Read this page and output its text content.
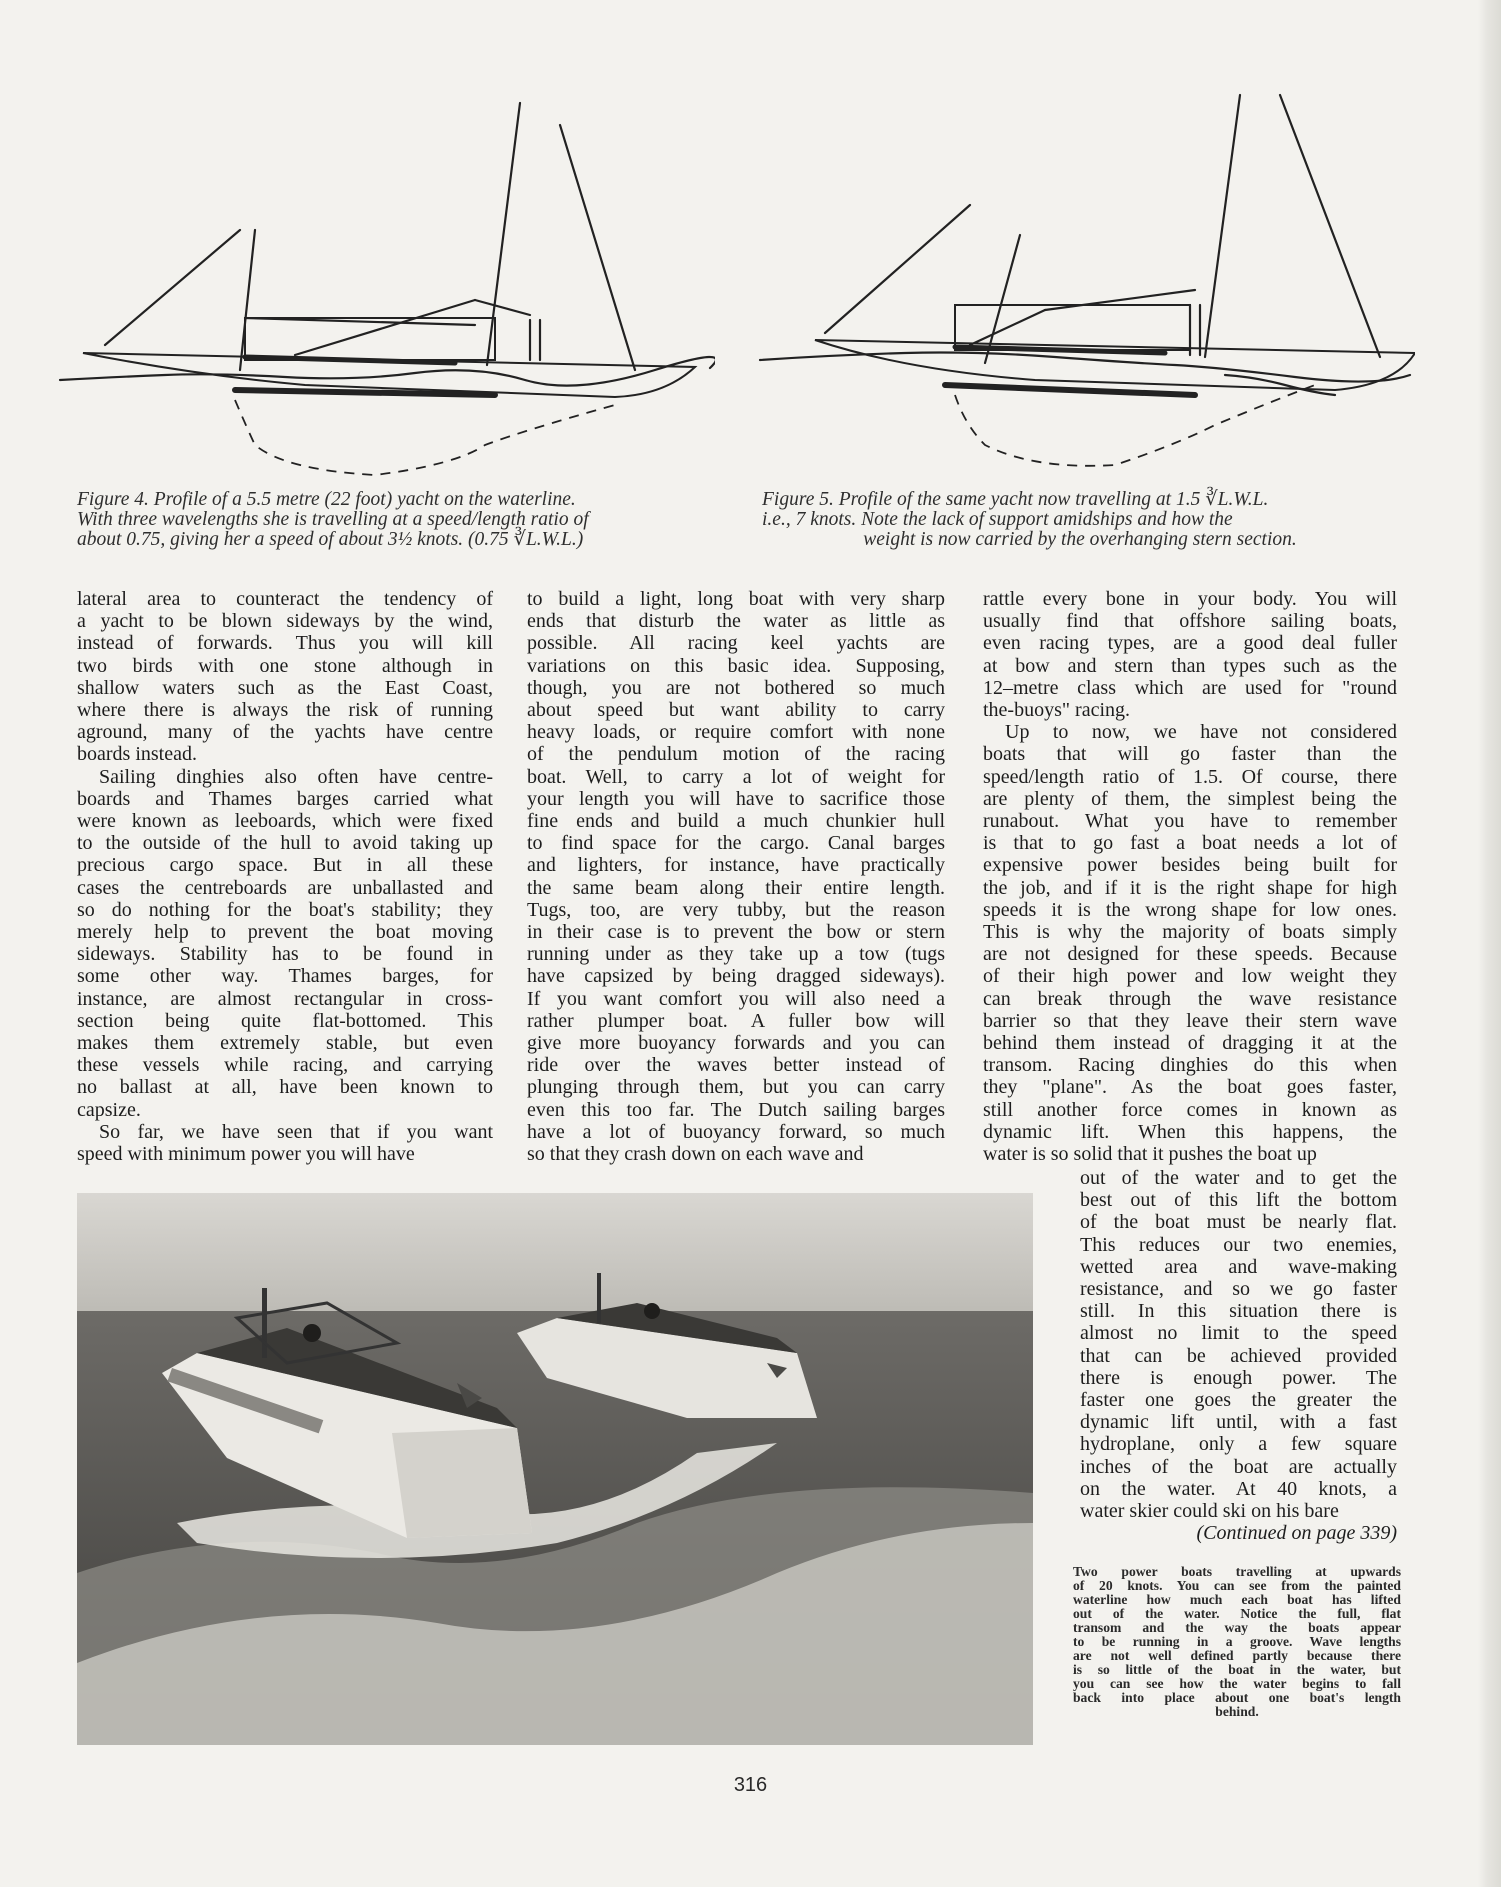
Figure 4. Profile of a 5.5 metre (22 foot) yacht on the waterline.
With three wavelengths she is travelling at a speed/length ratio of
about 0.75, giving her a speed of about 3½ knots. (0.75 ∛L.W.L.)
Figure 5. Profile of the same yacht now travelling at 1.5 ∛L.W.L.
i.e., 7 knots. Note the lack of support amidships and how the
weight is now carried by the overhanging stern section.
lateral area to counteract the tendency of
a yacht to be blown sideways by the wind,
instead of forwards. Thus you will kill
two birds with one stone although in
shallow waters such as the East Coast,
where there is always the risk of running
aground, many of the yachts have centre
boards instead.
Sailing dinghies also often have centre-
boards and Thames barges carried what
were known as leeboards, which were fixed
to the outside of the hull to avoid taking up
precious cargo space. But in all these
cases the centreboards are unballasted and
so do nothing for the boat's stability; they
merely help to prevent the boat moving
sideways. Stability has to be found in
some other way. Thames barges, for
instance, are almost rectangular in cross-
section being quite flat-bottomed. This
makes them extremely stable, but even
these vessels while racing, and carrying
no ballast at all, have been known to
capsize.
So far, we have seen that if you want
speed with minimum power you will have
to build a light, long boat with very sharp
ends that disturb the water as little as
possible. All racing keel yachts are
variations on this basic idea. Supposing,
though, you are not bothered so much
about speed but want ability to carry
heavy loads, or require comfort with none
of the pendulum motion of the racing
boat. Well, to carry a lot of weight for
your length you will have to sacrifice those
fine ends and build a much chunkier hull
to find space for the cargo. Canal barges
and lighters, for instance, have practically
the same beam along their entire length.
Tugs, too, are very tubby, but the reason
in their case is to prevent the bow or stern
running under as they take up a tow (tugs
have capsized by being dragged sideways).
If you want comfort you will also need a
rather plumper boat. A fuller bow will
give more buoyancy forwards and you can
ride over the waves better instead of
plunging through them, but you can carry
even this too far. The Dutch sailing barges
have a lot of buoyancy forward, so much
so that they crash down on each wave and
rattle every bone in your body. You will
usually find that offshore sailing boats,
even racing types, are a good deal fuller
at bow and stern than types such as the
12–metre class which are used for "round
the-buoys" racing.
Up to now, we have not considered
boats that will go faster than the
speed/length ratio of 1.5. Of course, there
are plenty of them, the simplest being the
runabout. What you have to remember
is that to go fast a boat needs a lot of
expensive power besides being built for
the job, and if it is the right shape for high
speeds it is the wrong shape for low ones.
This is why the majority of boats simply
are not designed for these speeds. Because
of their high power and low weight they
can break through the wave resistance
barrier so that they leave their stern wave
behind them instead of dragging it at the
transom. Racing dinghies do this when
they "plane". As the boat goes faster,
still another force comes in known as
dynamic lift. When this happens, the
water is so solid that it pushes the boat up
out of the water and to get the
best out of this lift the bottom
of the boat must be nearly flat.
This reduces our two enemies,
wetted area and wave-making
resistance, and so we go faster
still. In this situation there is
almost no limit to the speed
that can be achieved provided
there is enough power. The
faster one goes the greater the
dynamic lift until, with a fast
hydroplane, only a few square
inches of the boat are actually
on the water. At 40 knots, a
water skier could ski on his bare
(Continued on page 339)
Two power boats travelling at upwards
of 20 knots. You can see from the painted
waterline how much each boat has lifted
out of the water. Notice the full, flat
transom and the way the boats appear
to be running in a groove. Wave lengths
are not well defined partly because there
is so little of the boat in the water, but
you can see how the water begins to fall
back into place about one boat's length
behind.
316
